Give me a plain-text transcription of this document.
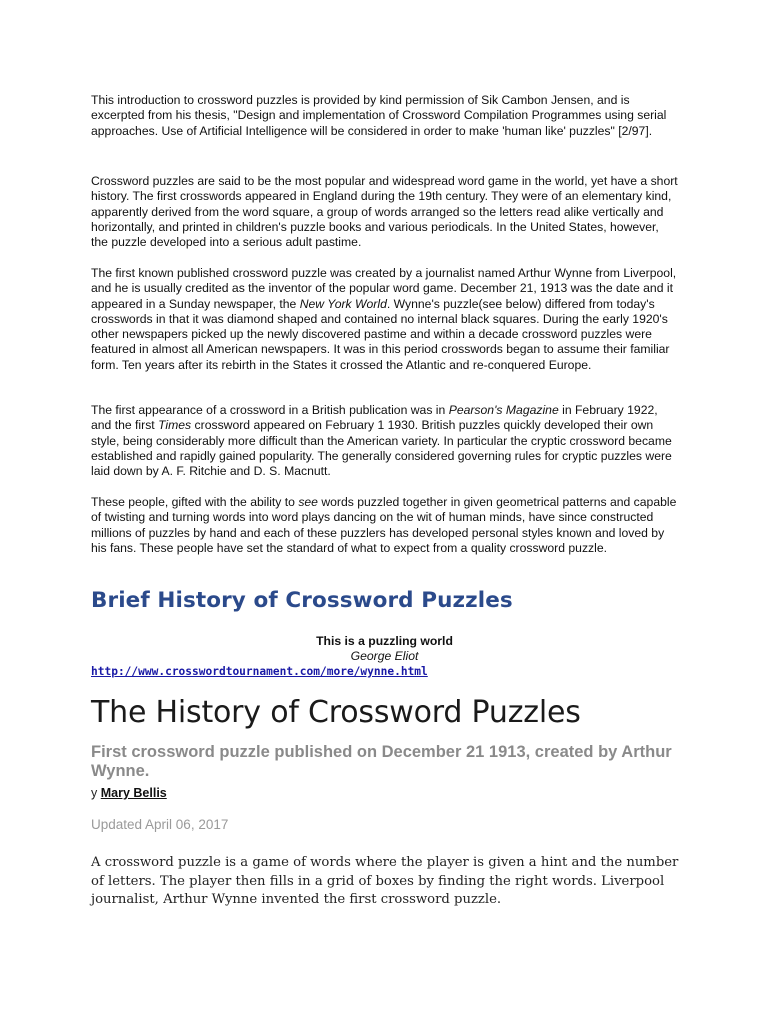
This introduction to crossword puzzles is provided by kind permission of Sik Cambon Jensen, and is excerpted from his thesis, "Design and implementation of Crossword Compilation Programmes using serial approaches. Use of Artificial Intelligence will be considered in order to make 'human like' puzzles" [2/97].

Crossword puzzles are said to be the most popular and widespread word game in the world, yet have a short history. The first crosswords appeared in England during the 19th century. They were of an elementary kind, apparently derived from the word square, a group of words arranged so the letters read alike vertically and horizontally, and printed in children's puzzle books and various periodicals. In the United States, however, the puzzle developed into a serious adult pastime.

The first known published crossword puzzle was created by a journalist named Arthur Wynne from Liverpool, and he is usually credited as the inventor of the popular word game. December 21, 1913 was the date and it appeared in a Sunday newspaper, the New York World. Wynne's puzzle(see below) differed from today's crosswords in that it was diamond shaped and contained no internal black squares. During the early 1920's other newspapers picked up the newly discovered pastime and within a decade crossword puzzles were featured in almost all American newspapers. It was in this period crosswords began to assume their familiar form. Ten years after its rebirth in the States it crossed the Atlantic and re-conquered Europe.

The first appearance of a crossword in a British publication was in Pearson's Magazine in February 1922, and the first Times crossword appeared on February 1 1930. British puzzles quickly developed their own style, being considerably more difficult than the American variety. In particular the cryptic crossword became established and rapidly gained popularity. The generally considered governing rules for cryptic puzzles were laid down by A. F. Ritchie and D. S. Macnutt.

These people, gifted with the ability to see words puzzled together in given geometrical patterns and capable of twisting and turning words into word plays dancing on the wit of human minds, have since constructed millions of puzzles by hand and each of these puzzlers has developed personal styles known and loved by his fans. These people have set the standard of what to expect from a quality crossword puzzle.

Brief History of Crossword Puzzles
This is a puzzling world
George Eliot
http://www.crosswordtournament.com/more/wynne.html
The History of Crossword Puzzles

First crossword puzzle published on December 21 1913, created by Arthur Wynne.

y Mary Bellis
Updated April 06, 2017

A crossword puzzle is a game of words where the player is given a hint and the number of letters. The player then fills in a grid of boxes by finding the right words. Liverpool journalist, Arthur Wynne invented the first crossword puzzle.
